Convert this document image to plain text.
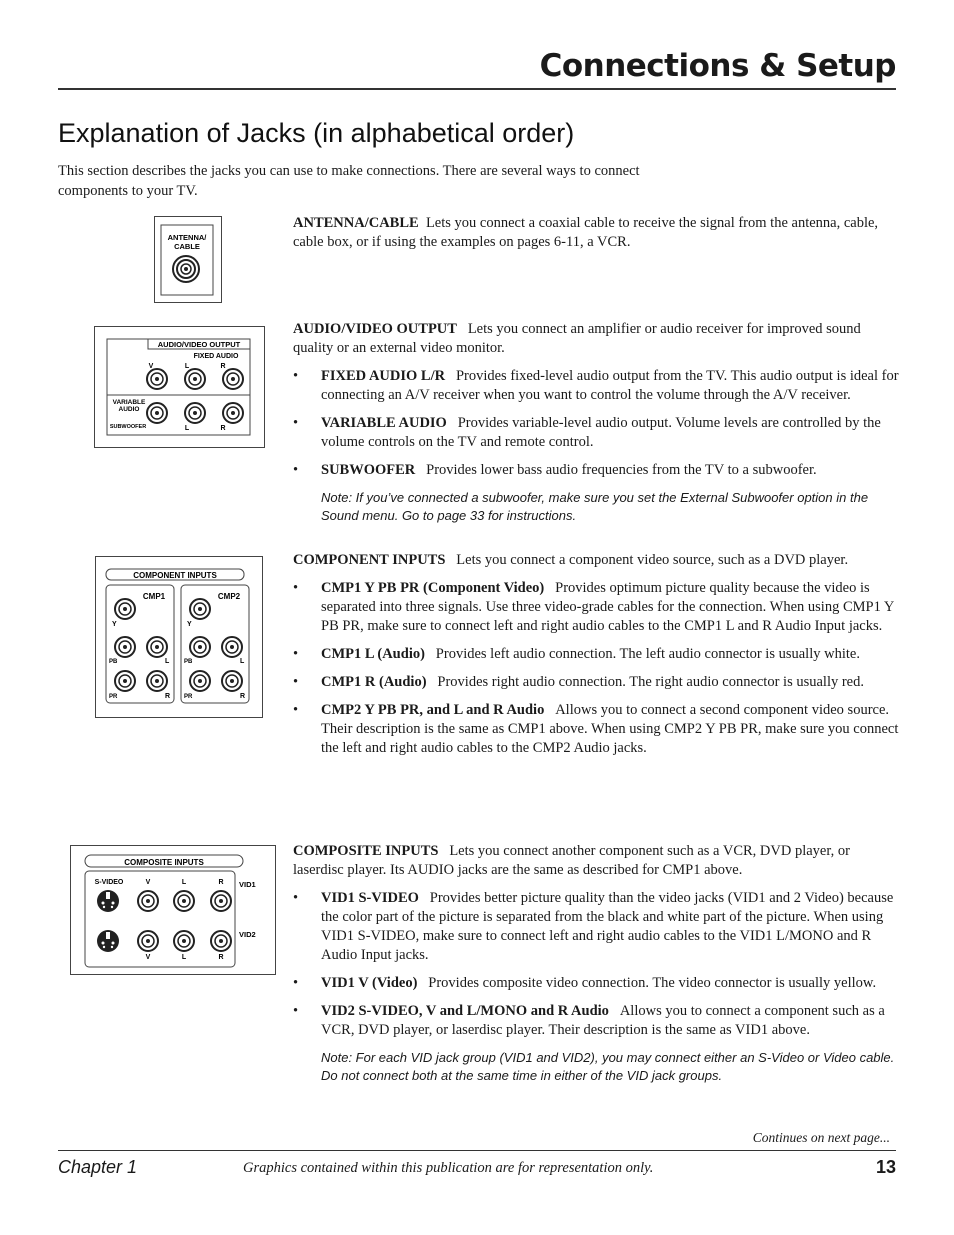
Connections & Setup
Explanation of Jacks (in alphabetical order)
This section describes the jacks you can use to make connections. There are several ways to connect components to your TV.
ANTENNA/
CABLE

ANTENNA/CABLE Lets you connect a coaxial cable to receive the signal from the antenna, cable, cable box, or if using the examples on pages 6-11, a VCR.

AUDIO/VIDEO OUTPUT
FIXED AUDIO
V	L	R
VARIABLE
AUDIO
SUBWOOFER	L	R

AUDIO/VIDEO OUTPUT Lets you connect an amplifier or audio receiver for improved sound quality or an external video monitor.

• FIXED AUDIO L/R Provides fixed-level audio output from the TV. This audio output is ideal for connecting an A/V receiver when you want to control the volume through the A/V receiver.
• VARIABLE AUDIO Provides variable-level audio output. Volume levels are controlled by the volume controls on the TV and remote control.
• SUBWOOFER Provides lower bass audio frequencies from the TV to a subwoofer.
Note: If you’ve connected a subwoofer, make sure you set the External Subwoofer option in the Sound menu. Go to page 33 for instructions.
COMPONENT INPUTS
CMP1	CMP2
Y	Y
PB	PB
L	L
PR	PR
R	R

COMPONENT INPUTS Lets you connect a component video source, such as a DVD player.

• CMP1 Y PB PR (Component Video) Provides optimum picture quality because the video is separated into three signals. Use three video-grade cables for the connection. When using CMP1 Y PB PR, make sure to connect left and right audio cables to the CMP1 L and R Audio Input jacks.
• CMP1 L (Audio) Provides left audio connection. The left audio connector is usually white.
• CMP1 R (Audio) Provides right audio connection. The right audio connector is usually red.
• CMP2 Y PB PR, and L and R Audio Allows you to connect a second component video source. Their description is the same as CMP1 above. When using CMP2 Y PB PR, make sure you connect the left and right audio cables to the CMP2 Audio jacks.
COMPOSITE INPUTS
S-VIDEO	V	L	R VID1
VID2
V	L	R

COMPOSITE INPUTS Lets you connect another component such as a VCR, DVD player, or laserdisc player. Its AUDIO jacks are the same as described for CMP1 above.

• VID1 S-VIDEO Provides better picture quality than the video jacks (VID1 and 2 Video) because the color part of the picture is separated from the black and white part of the picture. When using VID1 S-VIDEO, make sure to connect left and right audio cables to the VID1 L/MONO and R Audio Input jacks.
• VID1 V (Video) Provides composite video connection. The video connector is usually yellow.
• VID2 S-VIDEO, V and L/MONO and R Audio Allows you to connect a component such as a VCR, DVD player, or laserdisc player. Their description is the same as VID1 above.
Note: For each VID jack group (VID1 and VID2), you may connect either an S-Video or Video cable. Do not connect both at the same time in either of the VID jack groups.
Continues on next page...
Chapter 1	Graphics contained within this publication are for representation only.	13
